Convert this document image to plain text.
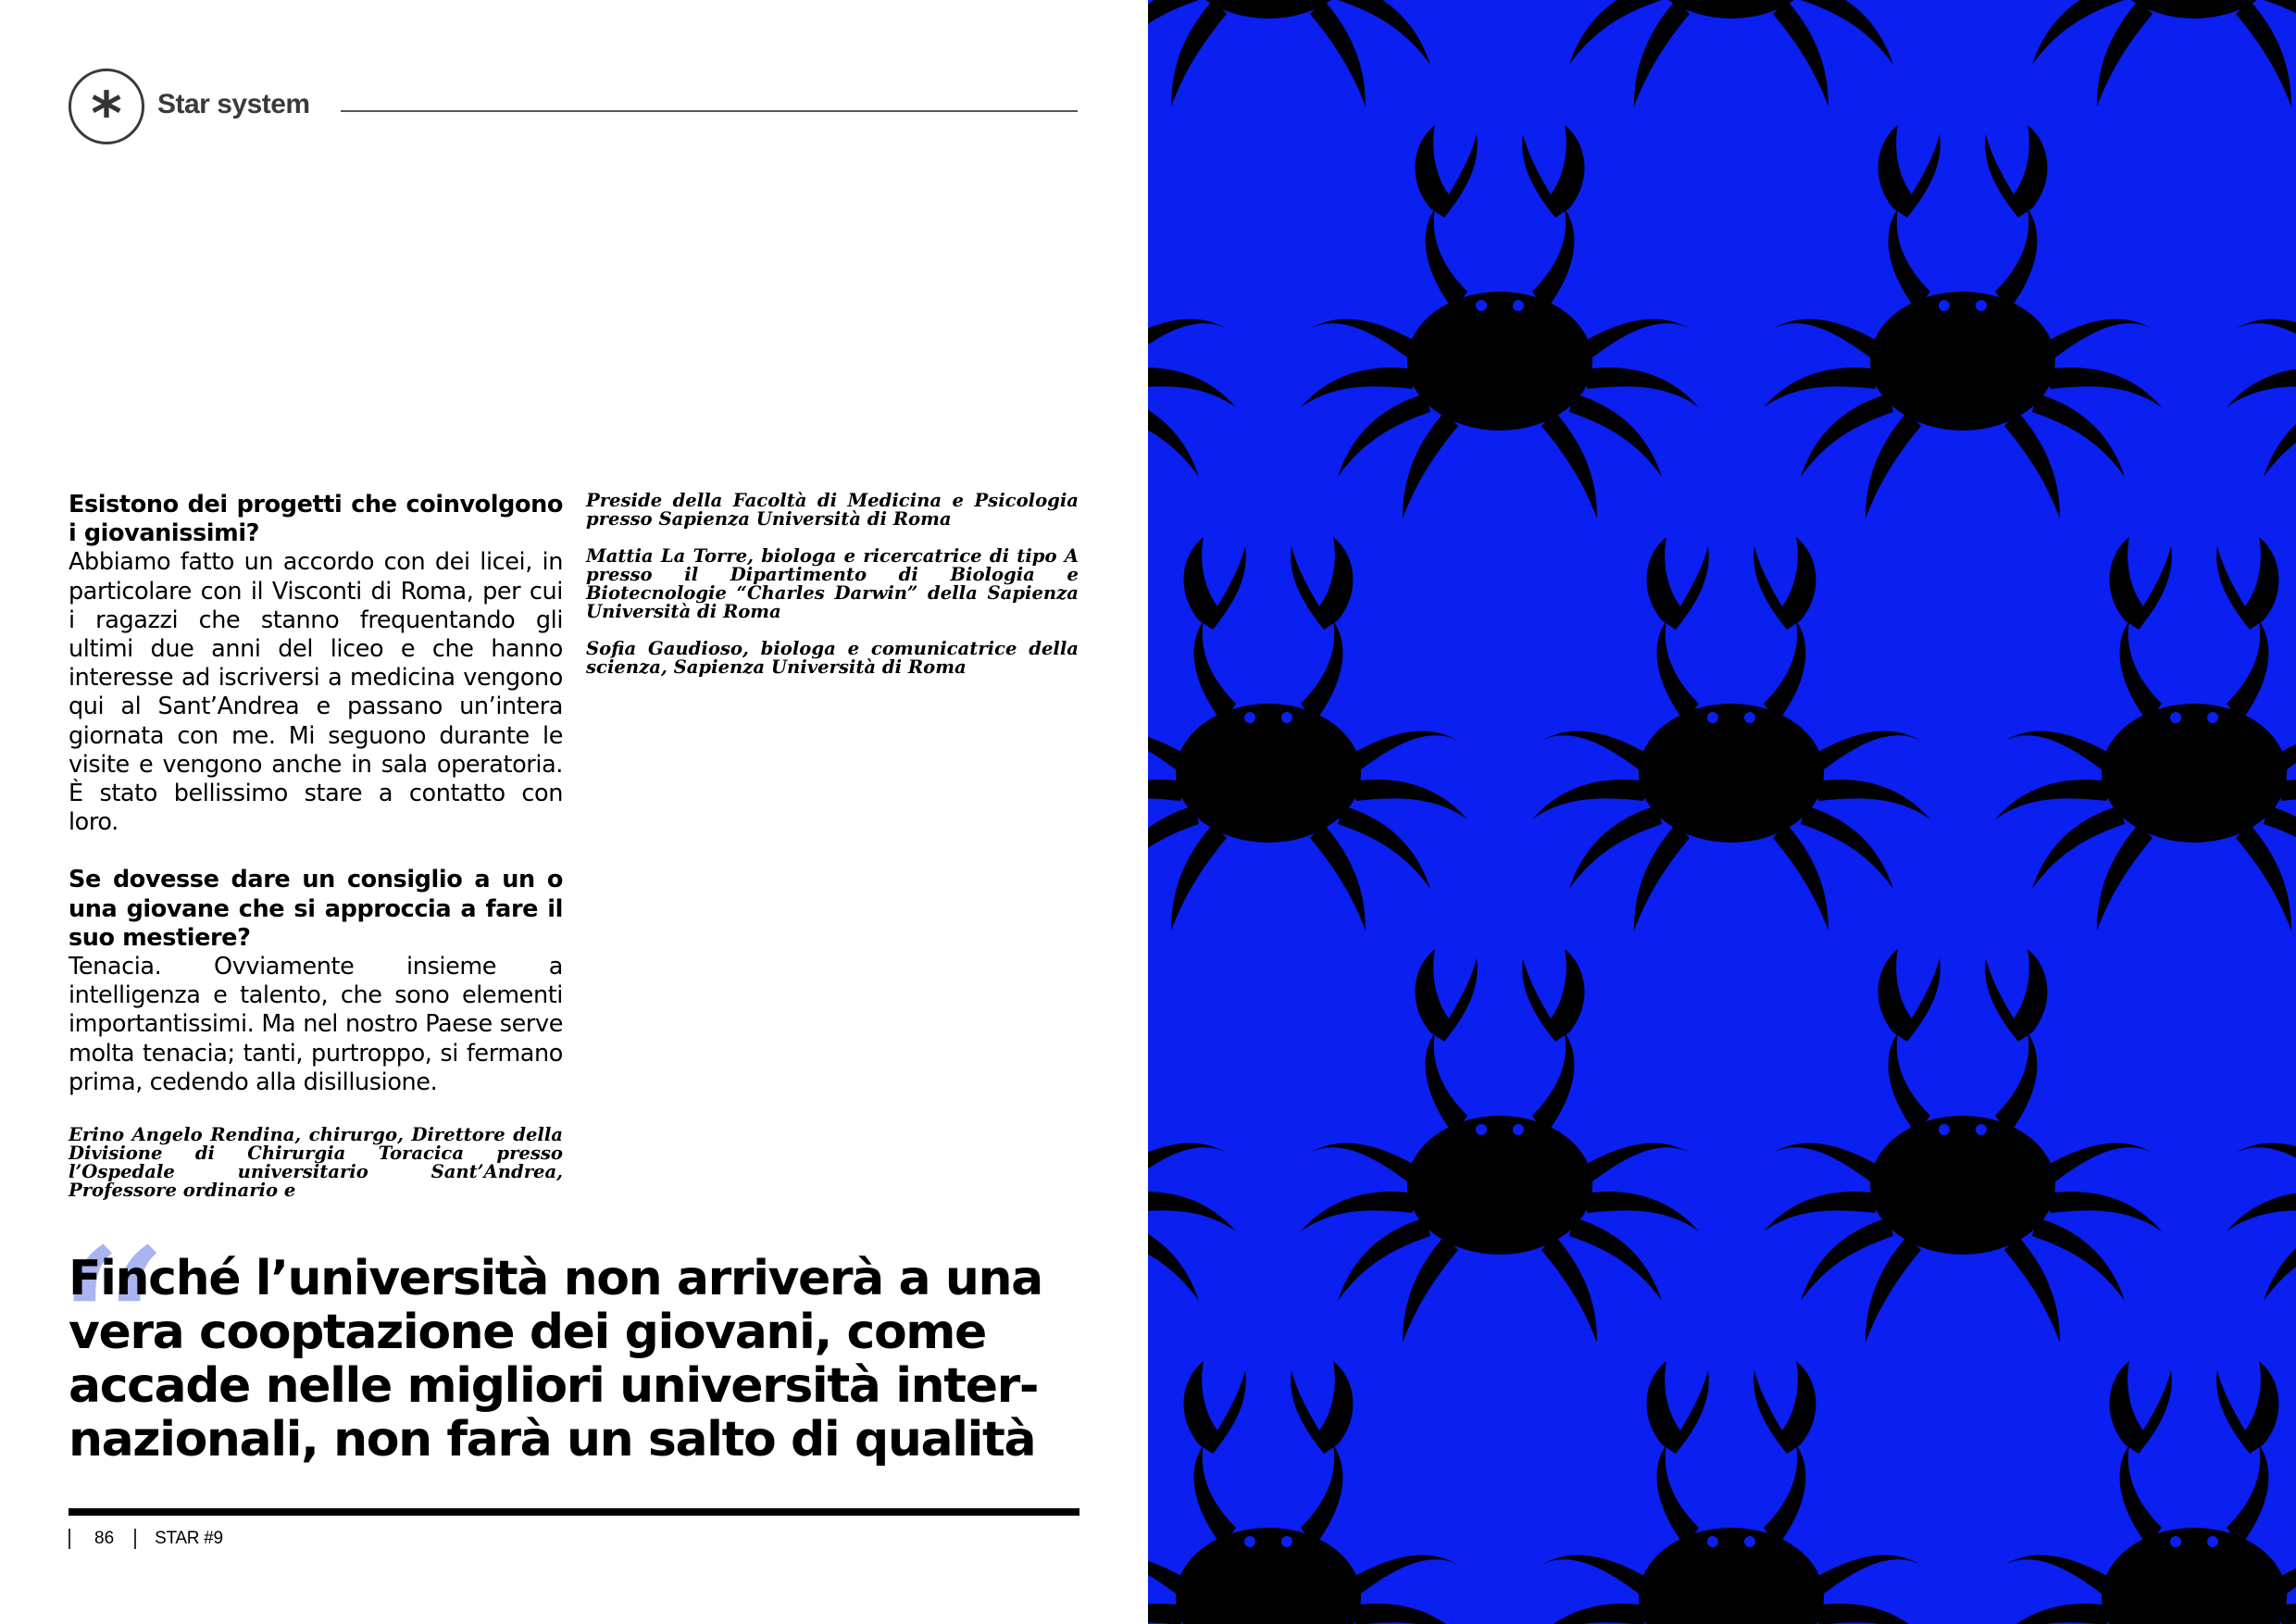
* Star system

Esistono dei progetti che coinvolgono i giovanissimi?

Abbiamo fatto un accordo con dei licei, in particolare con il Visconti di Roma, per cui i ragazzi che stanno frequentando gli ultimi due anni del liceo e che hanno interesse ad iscriversi a medicina vengono qui al Sant’Andrea e passano un’intera giornata con me. Mi seguono durante le visite e vengono anche in sala operatoria. È stato bellissimo stare a contatto con loro.

Se dovesse dare un consiglio a un o una giovane che si approccia a fare il suo mestiere?

Tenacia. Ovviamente insieme a intelligenza e talento, che sono elementi importantissimi. Ma nel nostro Paese serve molta tenacia; tanti, purtroppo, si fermano prima, cedendo alla disillusione.

Erino Angelo Rendina, chirurgo, Direttore della Divisione di Chirurgia Toracica presso l’Ospedale universitario Sant’Andrea, Professore ordinario e

Preside della Facoltà di Medicina e Psicologia presso Sapienza Università di Roma

Mattia La Torre, biologa e ricercatrice di tipo A presso il Dipartimento di Biologia e Biotecnologie “Charles Darwin” della Sapienza Università di Roma

Sofia Gaudioso, biologa e comunicatrice della scienza, Sapienza Università di Roma

“
Finché l’università non arriverà a una
vera cooptazione dei giovani, come
accade nelle migliori università inter-
nazionali, non farà un salto di qualità
86 STAR #9
